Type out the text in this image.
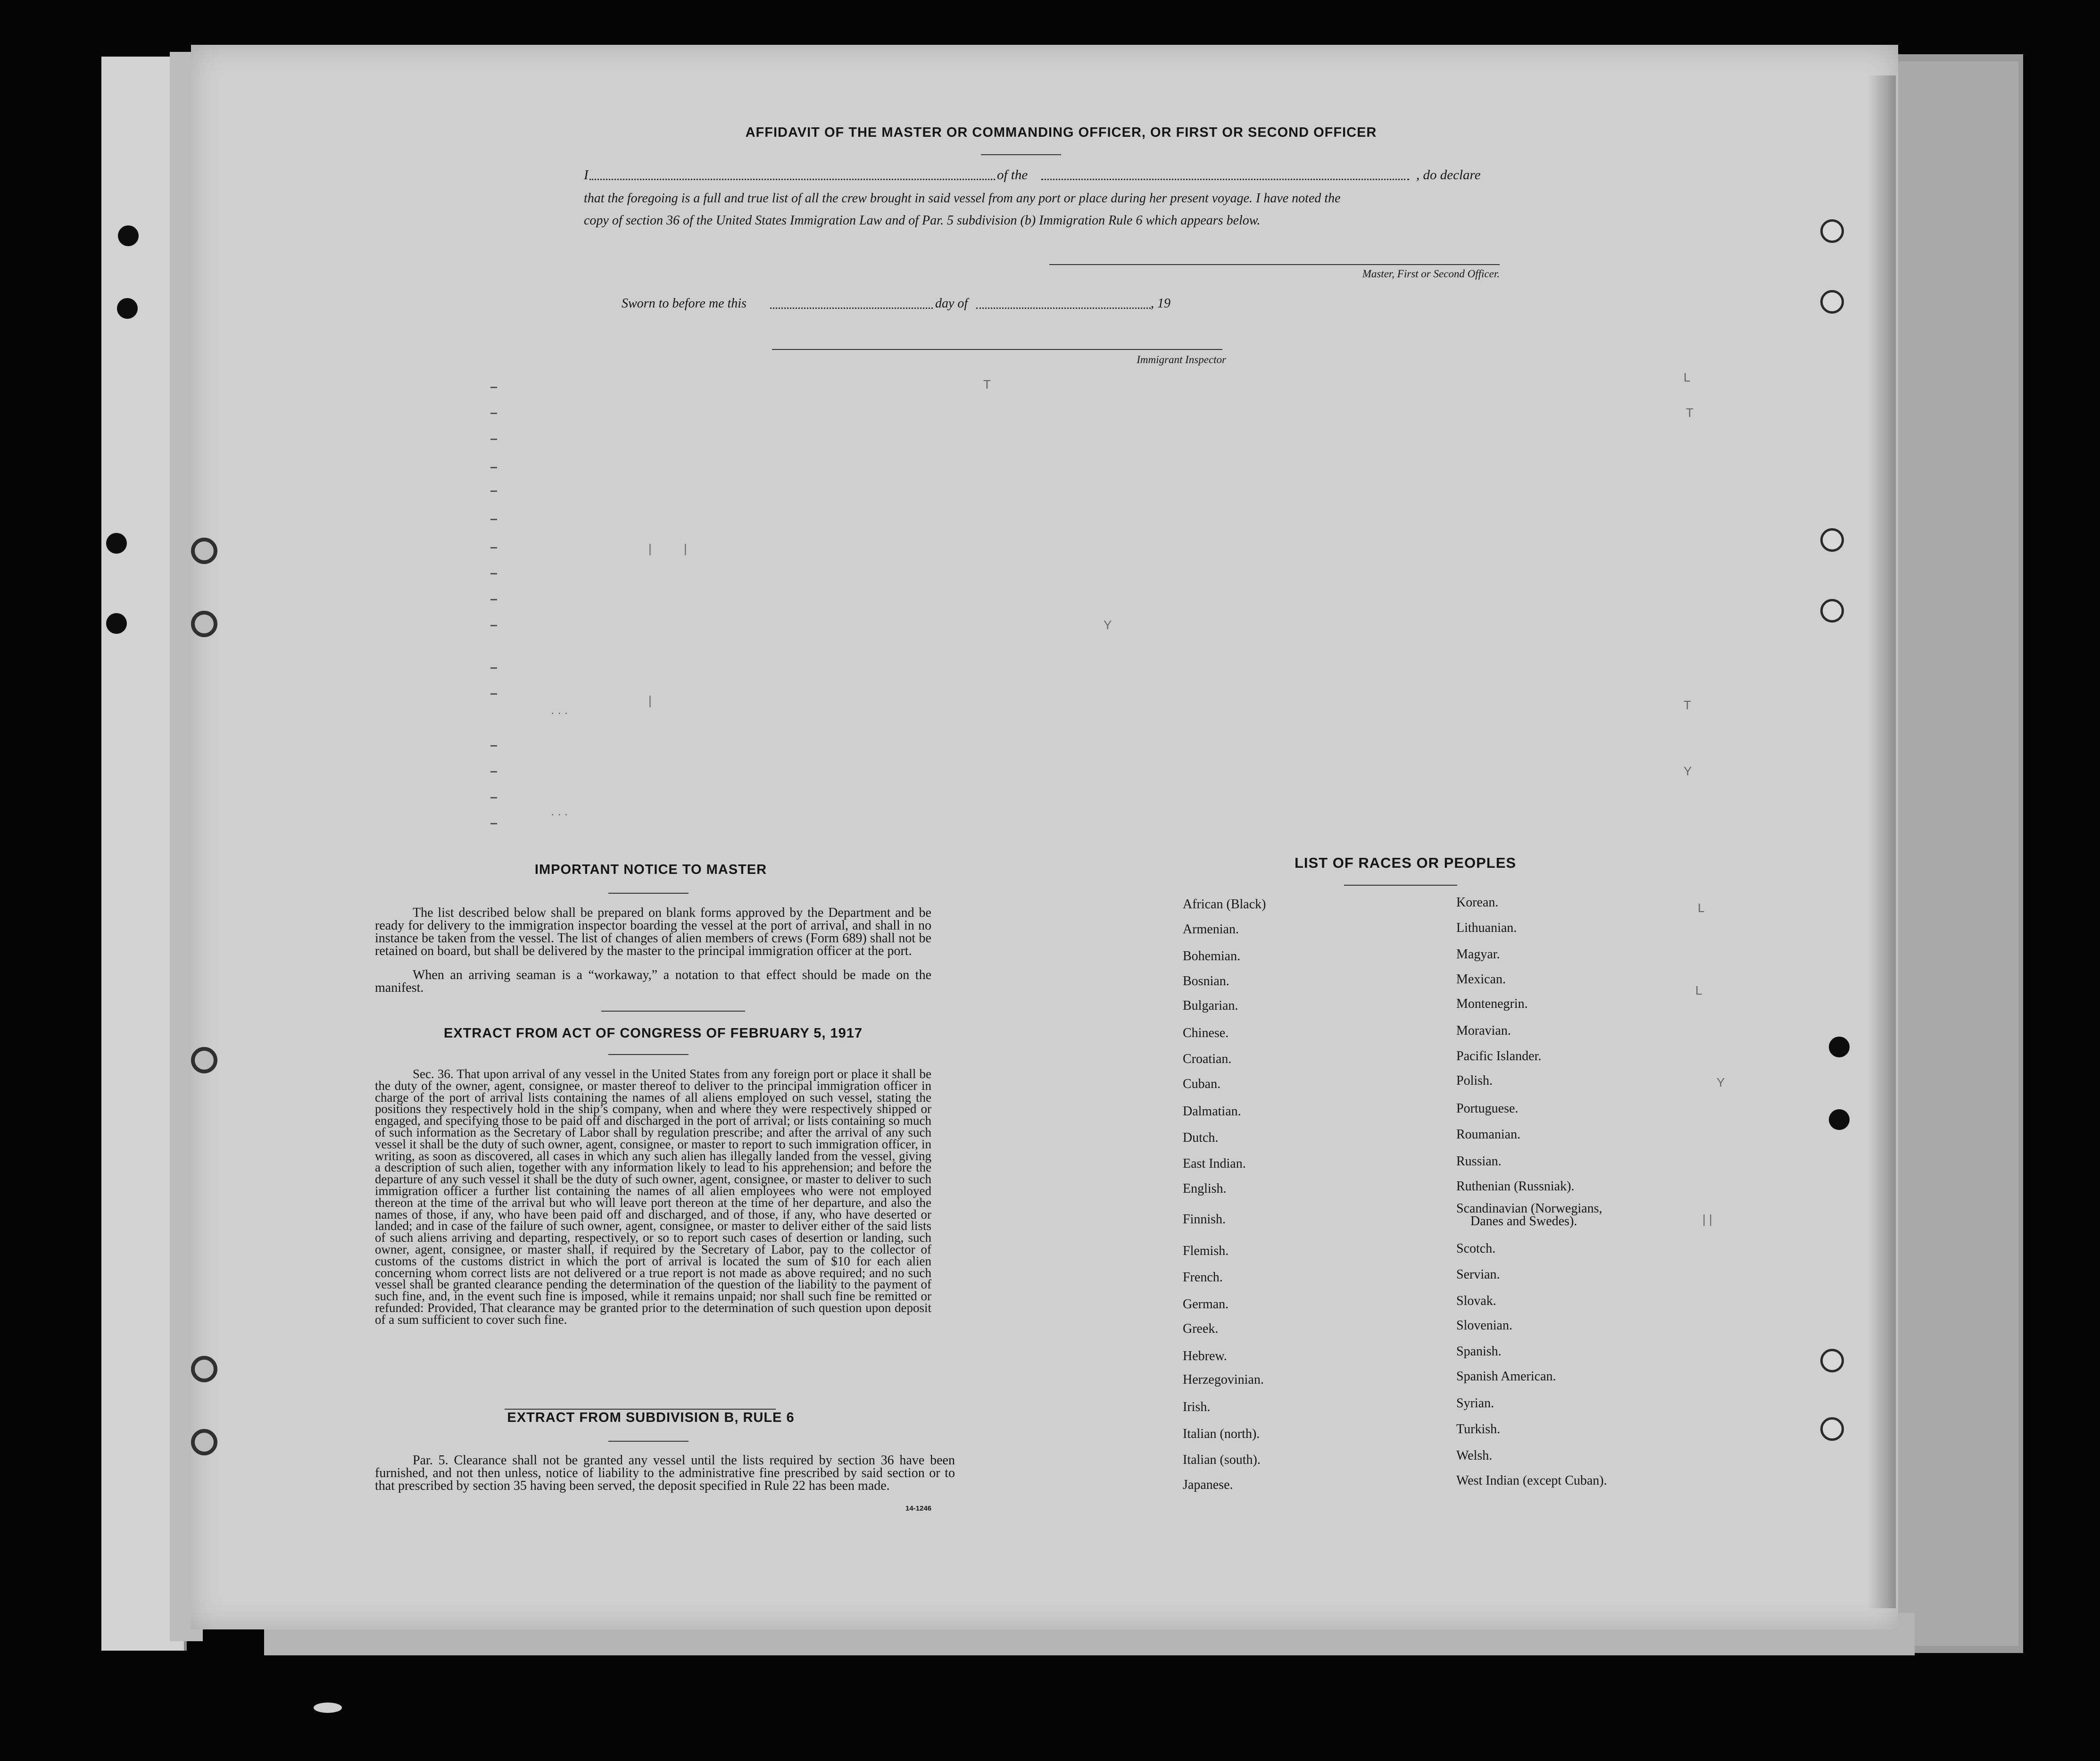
AFFIDAVIT OF THE MASTER OR COMMANDING OFFICER, OR FIRST OR SECOND OFFICER
I	of the	, do declare
that the foregoing is a full and true list of all the crew brought in said vessel from any port or place during her present voyage. I have noted the
copy of section 36 of the United States Immigration Law and of Par. 5 subdivision (b) Immigration Rule 6 which appears below.
Master, First or Second Officer.
Sworn to before me this	day of	, 19
Immigrant Inspector
. . .
. . .
|
|
|
T
Y
L
T
T
Y
L
L
Y
| |
IMPORTANT NOTICE TO MASTER
The list described below shall be prepared on blank forms approved by the Department and be ready for delivery to the immigration inspector boarding the vessel at the port of arrival, and shall in no instance be taken from the vessel. The list of changes of alien members of crews (Form 689) shall not be retained on board, but shall be delivered by the master to the principal immigration officer at the port.
When an arriving seaman is a “workaway,” a notation to that effect should be made on the manifest.
EXTRACT FROM ACT OF CONGRESS OF FEBRUARY 5, 1917
Sec. 36. That upon arrival of any vessel in the United States from any foreign port or place it shall be the duty of the owner, agent, consignee, or master thereof to deliver to the principal immigration officer in charge of the port of arrival lists containing the names of all aliens employed on such vessel, stating the positions they respectively hold in the ship’s company, when and where they were respectively shipped or engaged, and specifying those to be paid off and discharged in the port of arrival; or lists containing so much of such information as the Secretary of Labor shall by regulation prescribe; and after the arrival of any such vessel it shall be the duty of such owner, agent, consignee, or master to report to such immigration officer, in writing, as soon as discovered, all cases in which any such alien has illegally landed from the vessel, giving a description of such alien, together with any information likely to lead to his apprehension; and before the departure of any such vessel it shall be the duty of such owner, agent, consignee, or master to deliver to such immigration officer a further list containing the names of all alien employees who were not employed thereon at the time of the arrival but who will leave port thereon at the time of her departure, and also the names of those, if any, who have been paid off and discharged, and of those, if any, who have deserted or landed; and in case of the failure of such owner, agent, consignee, or master to deliver either of the said lists of such aliens arriving and departing, respectively, or so to report such cases of desertion or landing, such owner, agent, consignee, or master shall, if required by the Secretary of Labor, pay to the collector of customs of the customs district in which the port of arrival is located the sum of $10 for each alien concerning whom correct lists are not delivered or a true report is not made as above required; and no such vessel shall be granted clearance pending the determination of the question of the liability to the payment of such fine, and, in the event such fine is imposed, while it remains unpaid; nor shall such fine be remitted or refunded: Provided, That clearance may be granted prior to the determination of such question upon deposit of a sum sufficient to cover such fine.
EXTRACT FROM SUBDIVISION B, RULE 6
Par. 5. Clearance shall not be granted any vessel until the lists required by section 36 have been furnished, and not then unless, notice of liability to the administrative fine prescribed by said section or to that prescribed by section 35 having been served, the deposit specified in Rule 22 has been made.
14-1246
LIST OF RACES OR PEOPLES
African (Black)
Armenian.
Bohemian.
Bosnian.
Bulgarian.
Chinese.
Croatian.
Cuban.
Dalmatian.
Dutch.
East Indian.
English.
Finnish.
Flemish.
French.
German.
Greek.
Hebrew.
Herzegovinian.
Irish.
Italian (north).
Italian (south).
Japanese.
Korean.
Lithuanian.
Magyar.
Mexican.
Montenegrin.
Moravian.
Pacific Islander.
Polish.
Portuguese.
Roumanian.
Russian.
Ruthenian (Russniak).
Scandinavian (Norwegians,
Danes and Swedes).
Scotch.
Servian.
Slovak.
Slovenian.
Spanish.
Spanish American.
Syrian.
Turkish.
Welsh.
West Indian (except Cuban).
